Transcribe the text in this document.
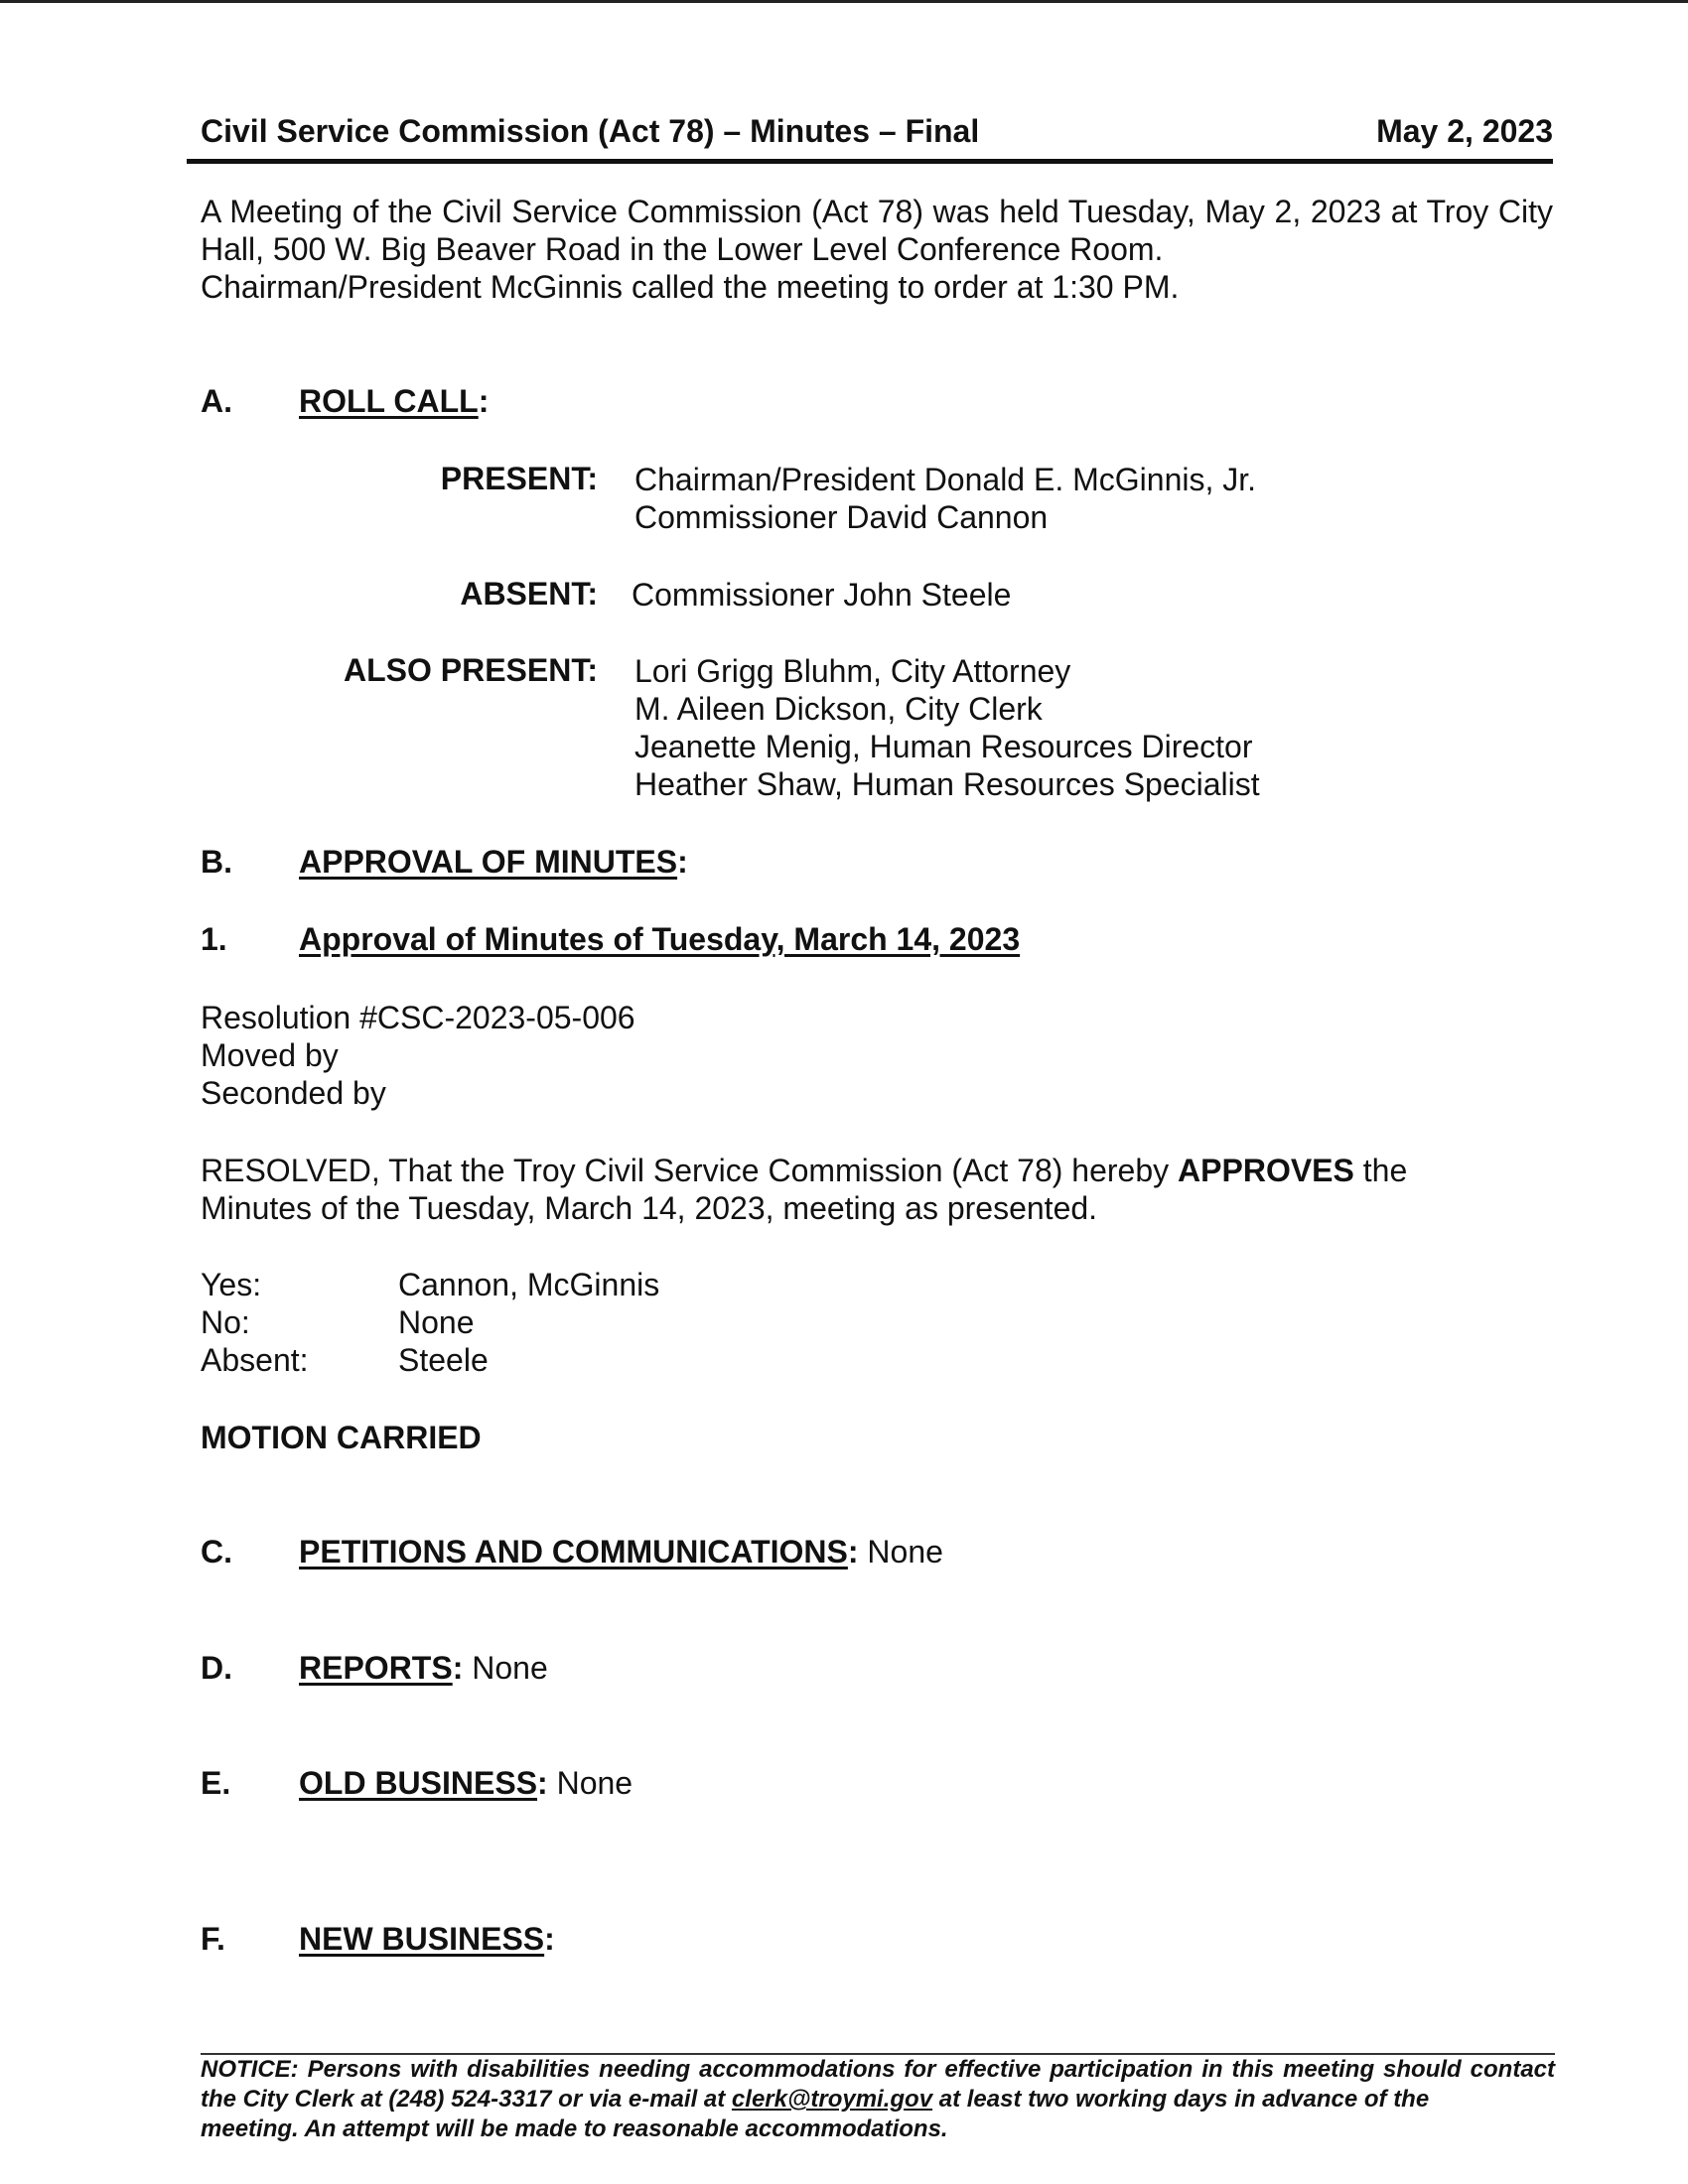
Civil Service Commission (Act 78) – Minutes – Final	May 2, 2023
A Meeting of the Civil Service Commission (Act 78) was held Tuesday, May 2, 2023 at Troy City Hall, 500 W. Big Beaver Road in the Lower Level Conference Room.
Chairman/President McGinnis called the meeting to order at 1:30 PM.
A. ROLL CALL:
PRESENT: Chairman/President Donald E. McGinnis, Jr.
Commissioner David Cannon
ABSENT: Commissioner John Steele
ALSO PRESENT: Lori Grigg Bluhm, City Attorney
M. Aileen Dickson, City Clerk
Jeanette Menig, Human Resources Director
Heather Shaw, Human Resources Specialist
B. APPROVAL OF MINUTES:
1. Approval of Minutes of Tuesday, March 14, 2023
Resolution #CSC-2023-05-006
Moved by
Seconded by
RESOLVED, That the Troy Civil Service Commission (Act 78) hereby APPROVES the
Minutes of the Tuesday, March 14, 2023, meeting as presented.
Yes:	Cannon, McGinnis
No:	None
Absent:	Steele
MOTION CARRIED
C. PETITIONS AND COMMUNICATIONS: None
D. REPORTS: None
E. OLD BUSINESS: None
F. NEW BUSINESS:
NOTICE: Persons with disabilities needing accommodations for effective participation in this meeting should contact the City Clerk at (248) 524-3317 or via e-mail at clerk@troymi.gov at least two working days in advance of the
meeting. An attempt will be made to reasonable accommodations.
